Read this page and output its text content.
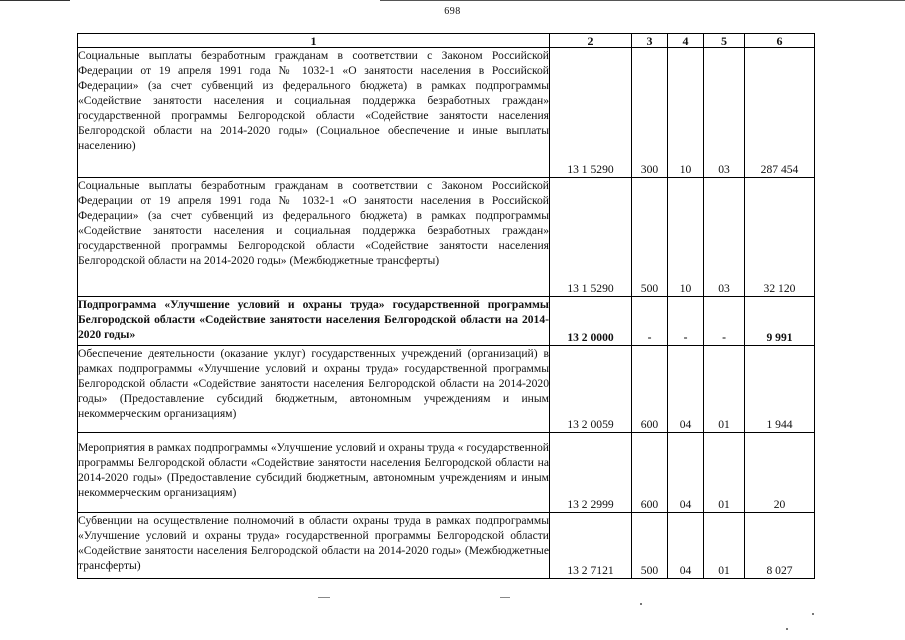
698
1	2	3	4	5	6
Социальные выплаты безработным гражданам в соответствии с Законом Российской Федерации от 19 апреля 1991 года № 1032-1 «О занятости населения в Российской Федерации» (за счет субвенций из федерального бюджета) в рамках подпрограммы «Содействие занятости населения и социальная поддержка безработных граждан» государственной программы Белгородской области «Содействие занятости населения Белгородской области на 2014-2020 годы» (Социальное обеспечение и иные выплаты населению)	13 1 5290	300	10	03	287 454
Социальные выплаты безработным гражданам в соответствии с Законом Российской Федерации от 19 апреля 1991 года № 1032-1 «О занятости населения в Российской Федерации» (за счет субвенций из федерального бюджета) в рамках подпрограммы «Содействие занятости населения и социальная поддержка безработных граждан» государственной программы Белгородской области «Содействие занятости населения Белгородской области на 2014-2020 годы» (Межбюджетные трансферты)	13 1 5290	500	10	03	32 120
Подпрограмма «Улучшение условий и охраны труда» государственной программы Белгородской области «Содействие занятости населения Белгородской области на 2014-2020 годы»	13 2 0000	-	-	-	9 991
Обеспечение деятельности (оказание уклуг) государственных учреждений (организаций) в рамках подпрограммы «Улучшение условий и охраны труда» государственной программы Белгородской области «Содействие занятости населения Белгородской области на 2014-2020 годы» (Предоставление субсидий бюджетным, автономным учреждениям и иным некоммерческим организациям)	13 2 0059	600	04	01	1 944
Мероприятия в рамках подпрограммы «Улучшение условий и охраны труда « государственной программы Белгородской области «Содействие занятости населения Белгородской области на 2014-2020 годы» (Предоставление субсидий бюджетным, автономным учреждениям и иным некоммерческим организациям)	13 2 2999	600	04	01	20
Субвенции на осуществление полномочий в области охраны труда в рамках подпрограммы «Улучшение условий и охраны труда» государственной программы Белгородской области «Содействие занятости населения Белгородской области на 2014-2020 годы» (Межбюджетные трансферты)	13 2 7121	500	04	01	8 027
